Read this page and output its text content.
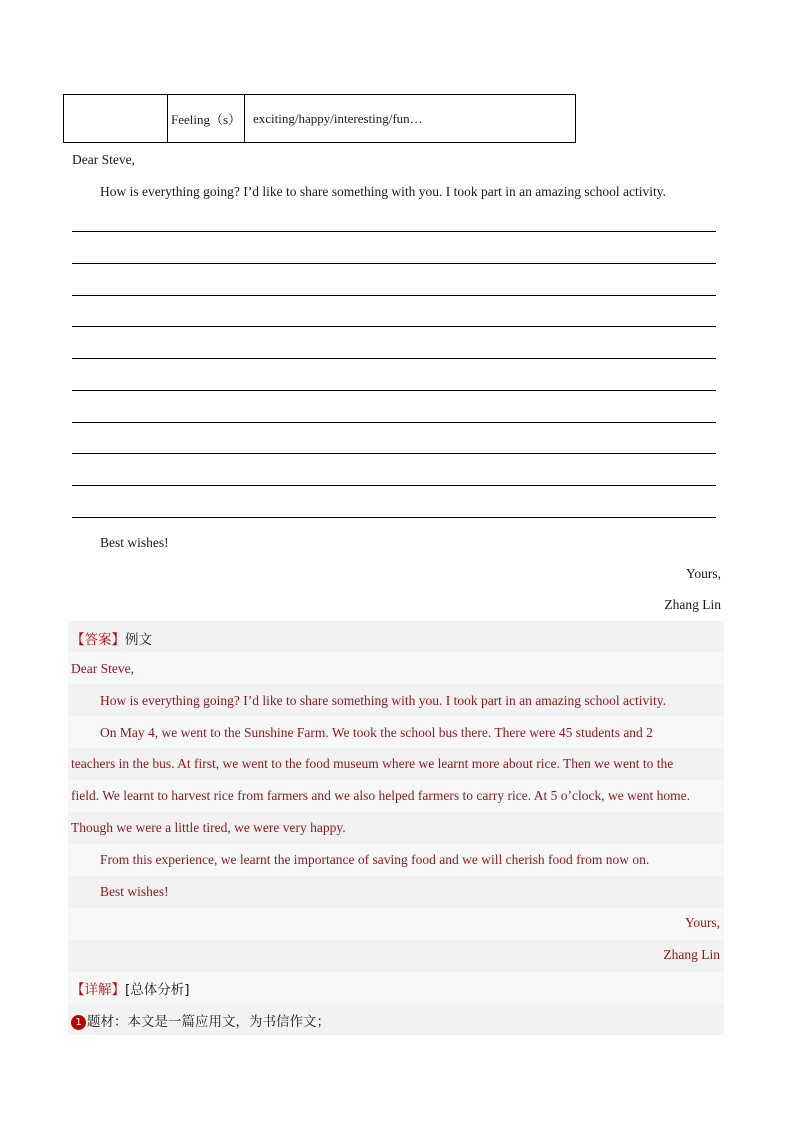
	Feeling（s）	exciting/happy/interesting/fun…
Dear Steve,
How is everything going? I’d like to share something with you. I took part in an amazing school activity.
Best wishes!
Yours,
Zhang Lin
【答案】例文
Dear Steve,
How is everything going? I’d like to share something with you. I took part in an amazing school activity.
On May 4, we went to the Sunshine Farm. We took the school bus there. There were 45 students and 2
teachers in the bus. At first, we went to the food museum where we learnt more about rice. Then we went to the
field. We learnt to harvest rice from farmers and we also helped farmers to carry rice. At 5 o’clock, we went home.
Though we were a little tired, we were very happy.
From this experience, we learnt the importance of saving food and we will cherish food from now on.
Best wishes!
Yours,
Zhang Lin
【详解】[总体分析]
1 题材：本文是一篇应用文，为书信作文；
